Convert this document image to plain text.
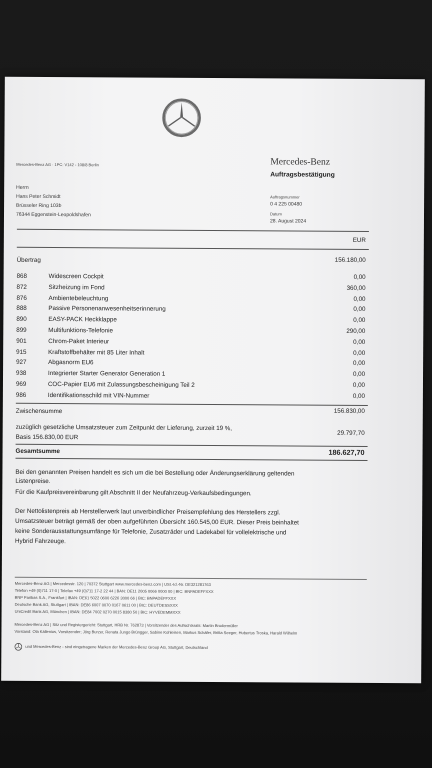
Mercedes-Benz AG · 1PC: V142 - 108/8 Berlin	Mercedes-Benz
Auftragsbestätigung
Herrn
Hans Peter Schmidt
Brüsseler Ring 103b
76344 Eggenstein-Leopoldshafen
Auftragsnummer
0 4 225 00480
Datum
28. August 2024
EUR
Übertrag	156.180,00
868	Widescreen Cockpit	0,00
872	Sitzheizung im Fond	360,00
876	Ambientebeleuchtung	0,00
888	Passive Personenanwesenheitserinnerung	0,00
890	EASY-PACK Heckklappe	0,00
899	Multifunktions-Telefonie	290,00
901	Chrom-Paket Interieur	0,00
915	Kraftstoffbehälter mit 85 Liter Inhalt	0,00
927	Abgasnorm EU6	0,00
938	Integrierter Starter Generator Generation 1	0,00
969	COC-Papier EU6 mit Zulassungsbescheinigung Teil 2	0,00
986	Identifikationsschild mit VIN-Nummer	0,00
Zwischensumme	156.830,00
zuzüglich gesetzliche Umsatzsteuer zum Zeitpunkt der Lieferung, zurzeit 19 %,
Basis 156.830,00 EUR
29.797,70
Gesamtsumme	186.627,70
Bei den genannten Preisen handelt es sich um die bei Bestellung oder Änderungserklärung geltenden
Listenpreise.
Für die Kaufpreisvereinbarung gilt Abschnitt II der Neufahrzeug-Verkaufsbedingungen.
Der Nettolistenpreis ab Herstellerwerk laut unverbindlicher Preisempfehlung des Herstellers zzgl.
Umsatzsteuer beträgt gemäß der oben aufgeführten Übersicht 160.545,00 EUR. Dieser Preis beinhaltet
keine Sonderausstattungsumfänge für Telefonie, Zusatzräder und Ladekabel für vollelektrische und
Hybrid Fahrzeuge.
Mercedes-Benz AG | Mercedesstr. 120 | 70372 Stuttgart www.mercedes-benz.com | USt.-Id.-Nr. DE321281763
Telefon +49 (0)711 17-0 | Telefax +49 (0)711 17-2 22 44 | BAN: DE11 2005 0066 0000 00 | BIC: BNPADEFFXXX
BNP Paribas S.A., Frankfurt | IBAN: DE61 5022 0600 6226 3000 66 | BIC: BNPADEFFXXX
Deutsche Bank AG, Stuttgart | IBAN: DE86 6007 0070 0167 0611 00 | BIC: DEUTDESSXXX
UniCredit Bank AG, München | IBAN: DE84 7002 0270 0015 8380 50 | BIC: HYVEDEMMXXX
Mercedes-Benz AG | Sitz und Registergericht: Stuttgart, HRB Nr. 762873 | Vorsitzender des Aufsichtsrats: Martin Brudermüller
Vorstand: Ola Källenius, Vorsitzender; Jörg Burzer, Renata Jungo Brüngger, Sabine Kohleisen, Markus Schäfer, Britta Seeger, Hubertus Troska, Harald Wilhelm
und Mercedes-Benz - sind eingetragene Marken der Mercedes-Benz Group AG, Stuttgart, Deutschland
